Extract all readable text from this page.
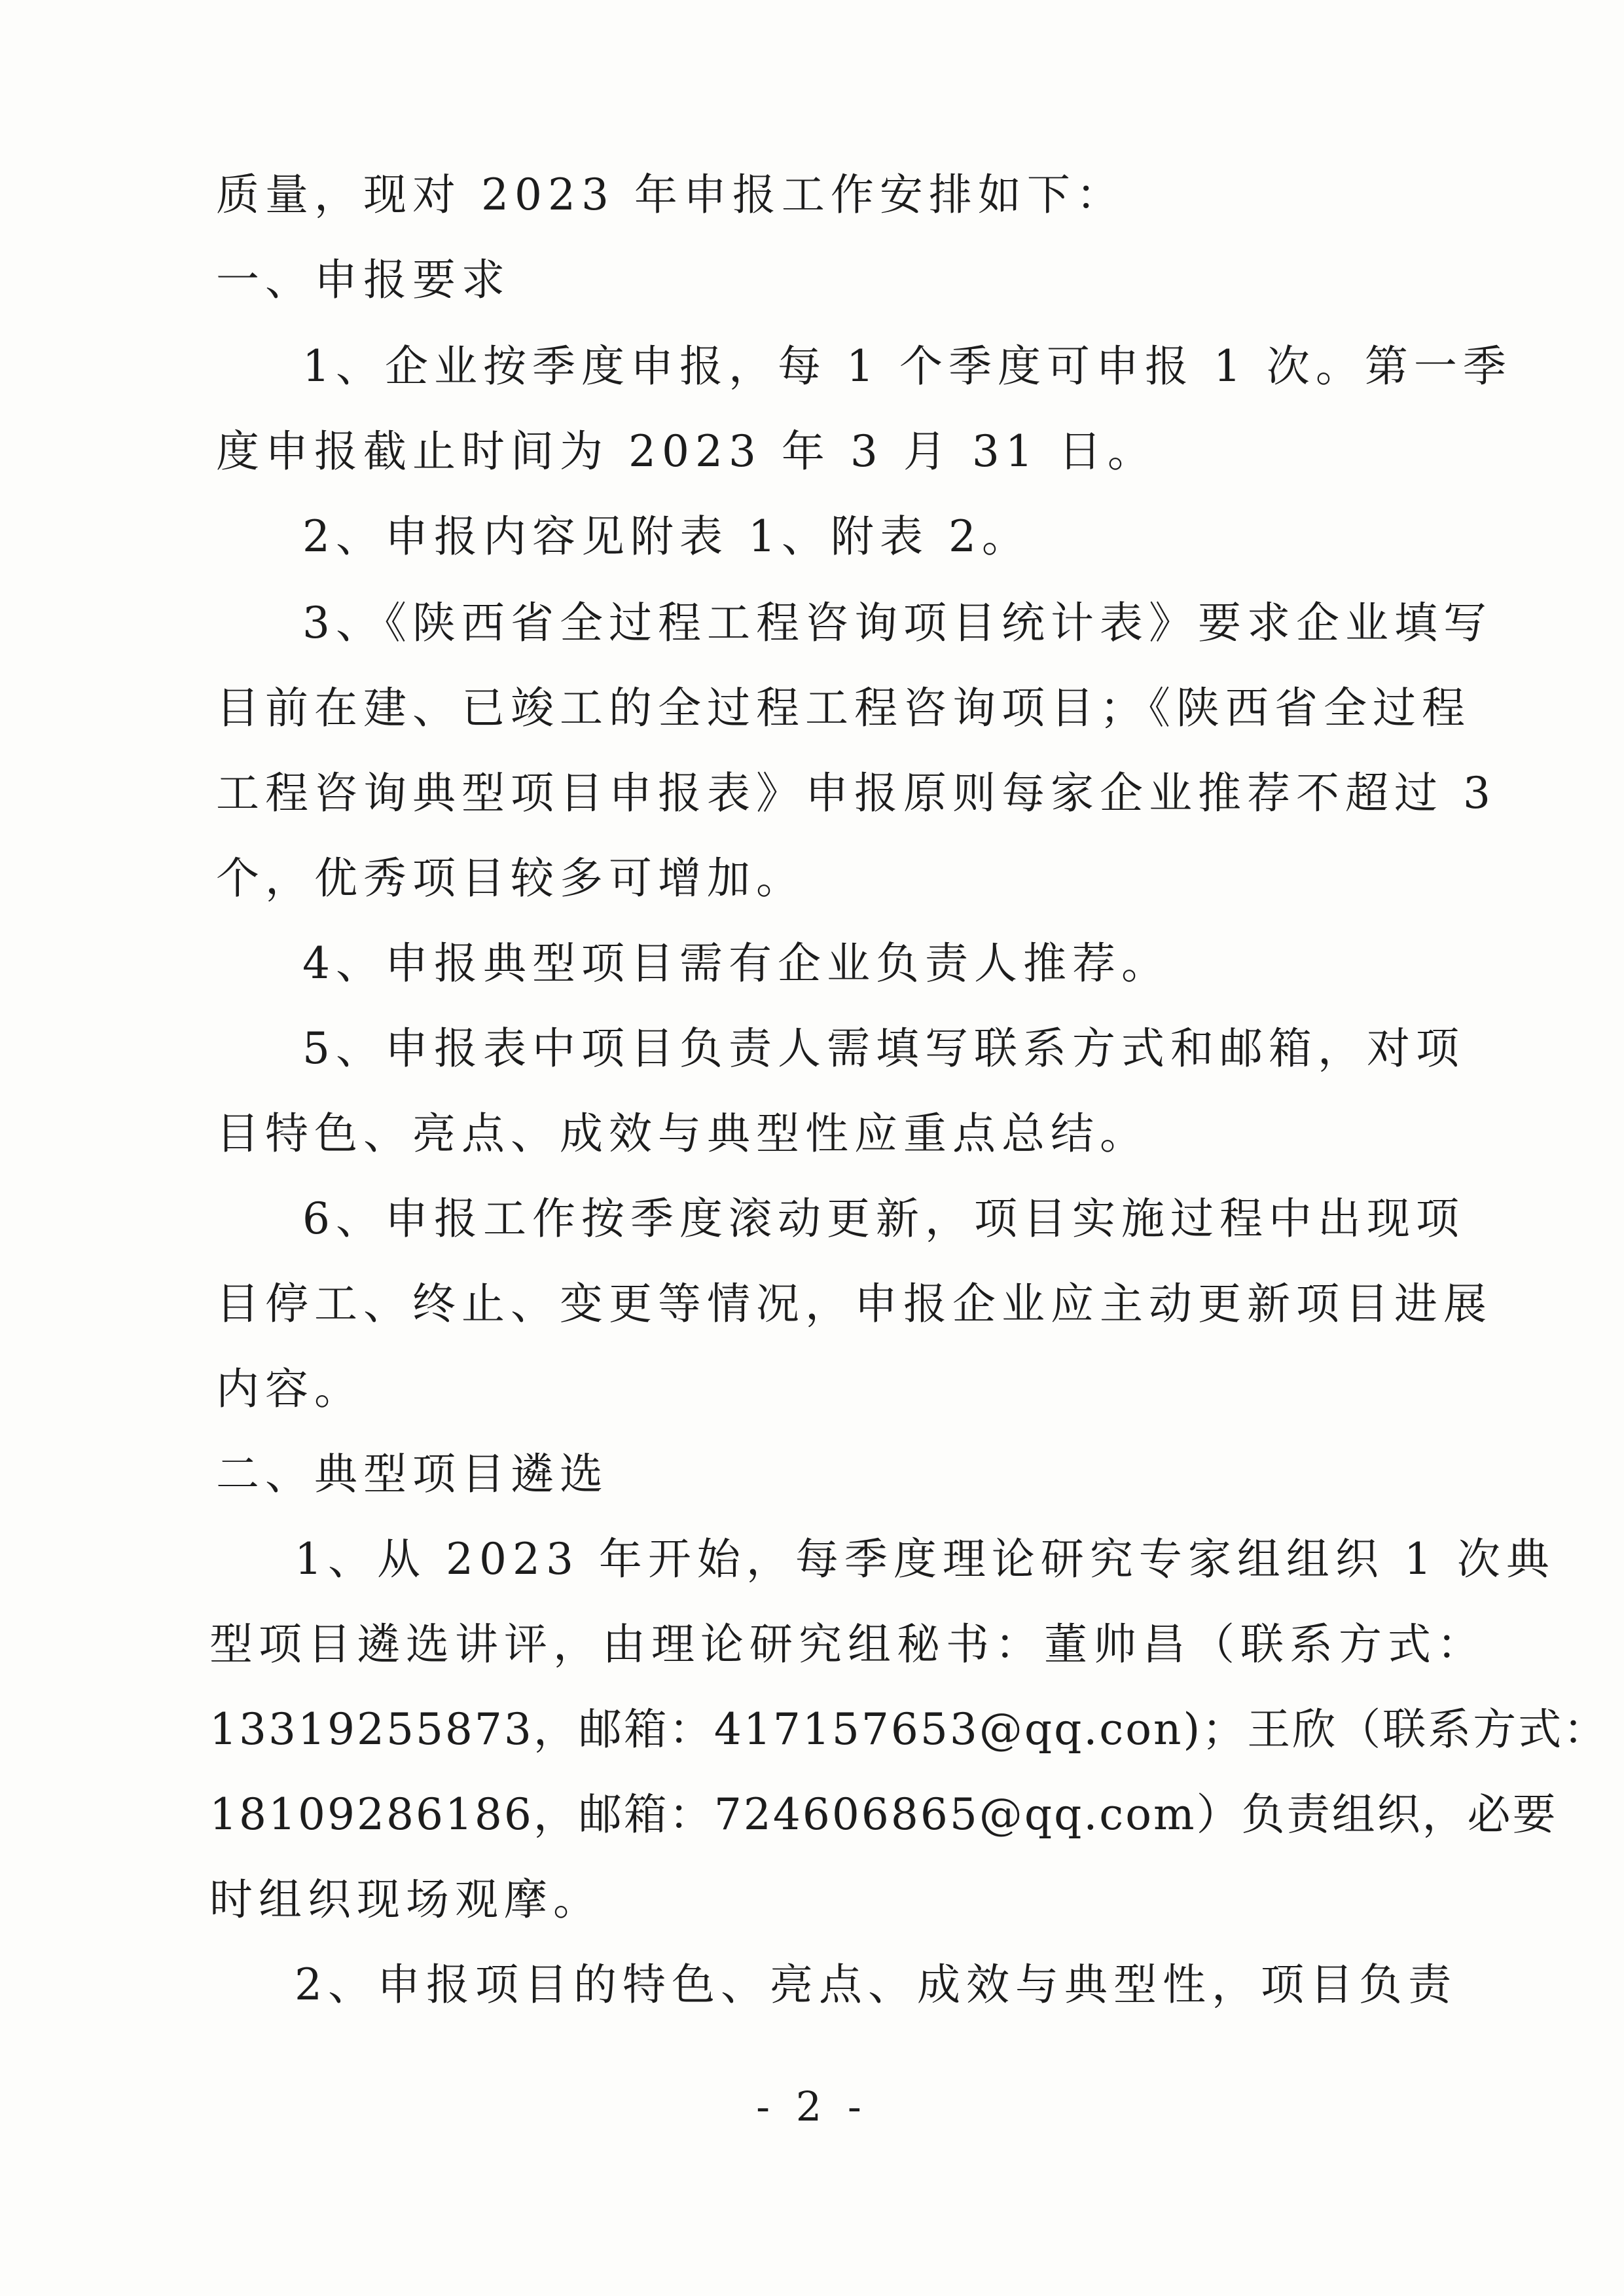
质量，现对 2023 年申报工作安排如下：
一、申报要求
1、企业按季度申报，每 1 个季度可申报 1 次。第一季
度申报截止时间为 2023 年 3 月 31 日。
2、申报内容见附表 1、附表 2。
3、《陕西省全过程工程咨询项目统计表》要求企业填写
目前在建、已竣工的全过程工程咨询项目；《陕西省全过程
工程咨询典型项目申报表》申报原则每家企业推荐不超过 3
个，优秀项目较多可增加。
4、申报典型项目需有企业负责人推荐。
5、申报表中项目负责人需填写联系方式和邮箱，对项
目特色、亮点、成效与典型性应重点总结。
6、申报工作按季度滚动更新，项目实施过程中出现项
目停工、终止、变更等情况，申报企业应主动更新项目进展
内容。
二、典型项目遴选
1、从 2023 年开始，每季度理论研究专家组组织 1 次典
型项目遴选讲评，由理论研究组秘书：董帅昌（联系方式：
13319255873，邮箱：417157653@qq.con)；王欣（联系方式：
18109286186，邮箱：724606865@qq.com）负责组织，必要
时组织现场观摩。
2、申报项目的特色、亮点、成效与典型性，项目负责
- 2 -
